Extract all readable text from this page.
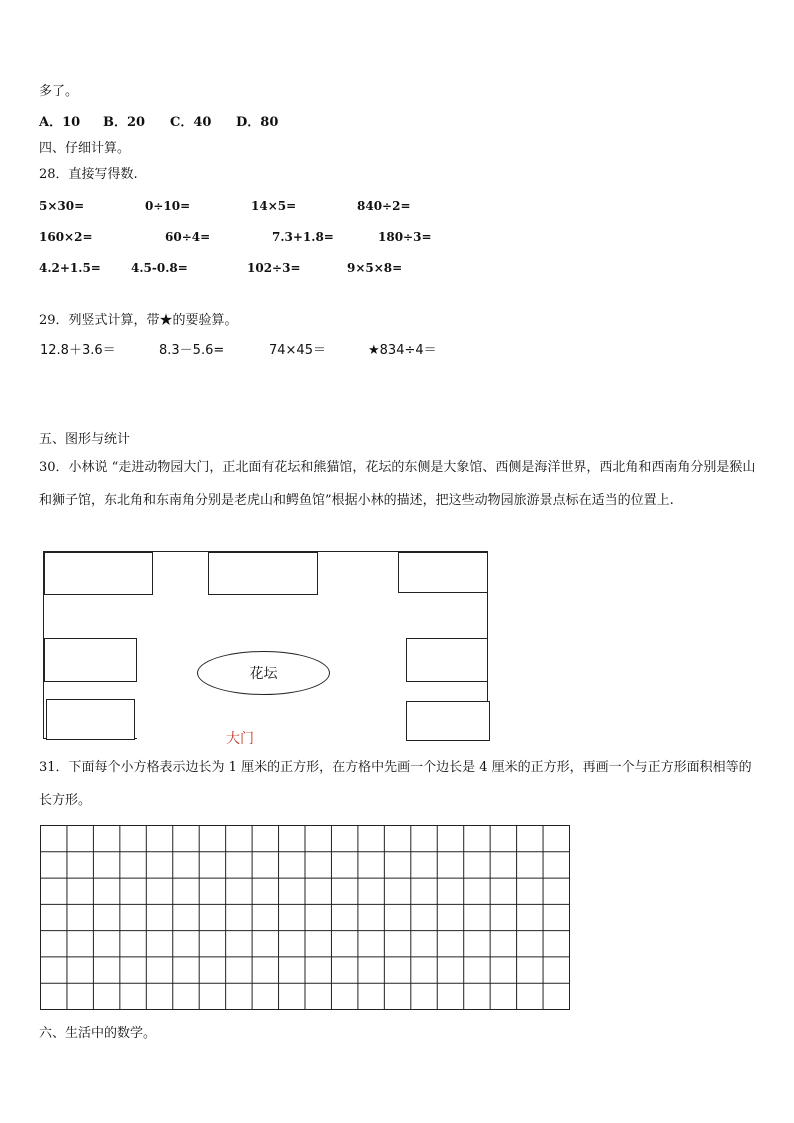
多了。
A．10 B．20 C．40 D．80
四、仔细计算。
28．直接写得数.
5×30=	0÷10=	14×5=	840÷2=
160×2=	60÷4=	7.3+1.8=	180÷3=
4.2+1.5=	4.5-0.8=	102÷3=	9×5×8=
29．列竖式计算，带★的要验算。
12.8＋3.6＝	8.3－5.6=	74×45＝	★834÷4＝
五、图形与统计
30．小林说 “走进动物园大门，正北面有花坛和熊猫馆，花坛的东侧是大象馆、西侧是海洋世界，西北角和西南角分别是猴山和狮子馆，东北角和东南角分别是老虎山和鳄鱼馆”根据小林的描述，把这些动物园旅游景点标在适当的位置上.
花坛
大门
31．下面每个小方格表示边长为 1 厘米的正方形，在方格中先画一个边长是 4 厘米的正方形，再画一个与正方形面积相等的长方形。
六、生活中的数学。
